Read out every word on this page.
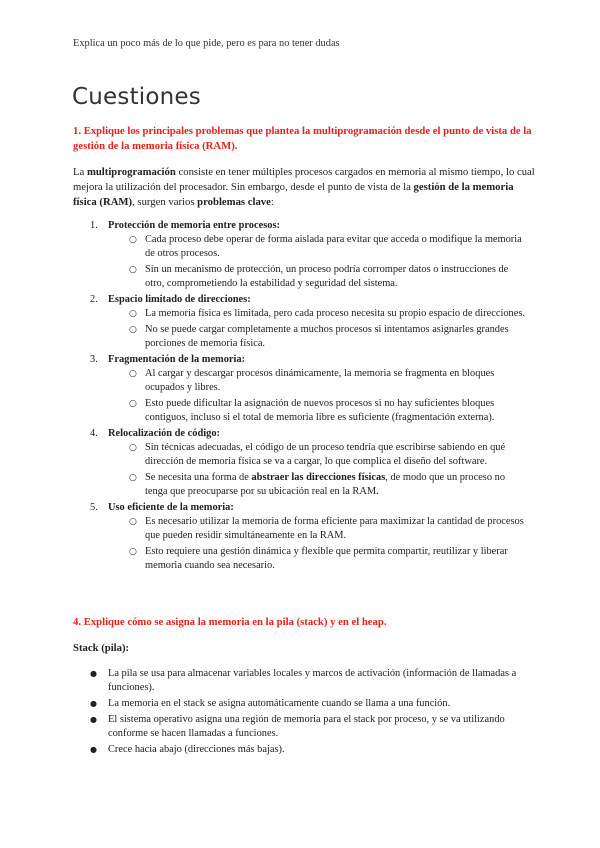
Explica un poco más de lo que pide, pero es para no tener dudas
Cuestiones
1. Explique los principales problemas que plantea la multiprogramación desde el punto de vista de la gestión de la memoria física (RAM).
La multiprogramación consiste en tener múltiples procesos cargados en memoria al mismo tiempo, lo cual mejora la utilización del procesador. Sin embargo, desde el punto de vista de la gestión de la memoria física (RAM), surgen varios problemas clave:
1. Protección de memoria entre procesos:
○ Cada proceso debe operar de forma aislada para evitar que acceda o modifique la memoria de otros procesos.
○ Sin un mecanismo de protección, un proceso podría corromper datos o instrucciones de otro, comprometiendo la estabilidad y seguridad del sistema.
2. Espacio limitado de direcciones:
○ La memoria física es limitada, pero cada proceso necesita su propio espacio de direcciones.
○ No se puede cargar completamente a muchos procesos si intentamos asignarles grandes porciones de memoria física.
3. Fragmentación de la memoria:
○ Al cargar y descargar procesos dinámicamente, la memoria se fragmenta en bloques ocupados y libres.
○ Esto puede dificultar la asignación de nuevos procesos si no hay suficientes bloques contiguos, incluso si el total de memoria libre es suficiente (fragmentación externa).
4. Relocalización de código:
○ Sin técnicas adecuadas, el código de un proceso tendría que escribirse sabiendo en qué dirección de memoria física se va a cargar, lo que complica el diseño del software.
○ Se necesita una forma de abstraer las direcciones físicas, de modo que un proceso no tenga que preocuparse por su ubicación real en la RAM.
5. Uso eficiente de la memoria:
○ Es necesario utilizar la memoria de forma eficiente para maximizar la cantidad de procesos que pueden residir simultáneamente en la RAM.
○ Esto requiere una gestión dinámica y flexible que permita compartir, reutilizar y liberar memoria cuando sea necesario.
4. Explique cómo se asigna la memoria en la pila (stack) y en el heap.
Stack (pila):
● La pila se usa para almacenar variables locales y marcos de activación (información de llamadas a funciones).
● La memoria en el stack se asigna automáticamente cuando se llama a una función.
● El sistema operativo asigna una región de memoria para el stack por proceso, y se va utilizando conforme se hacen llamadas a funciones.
● Crece hacia abajo (direcciones más bajas).
